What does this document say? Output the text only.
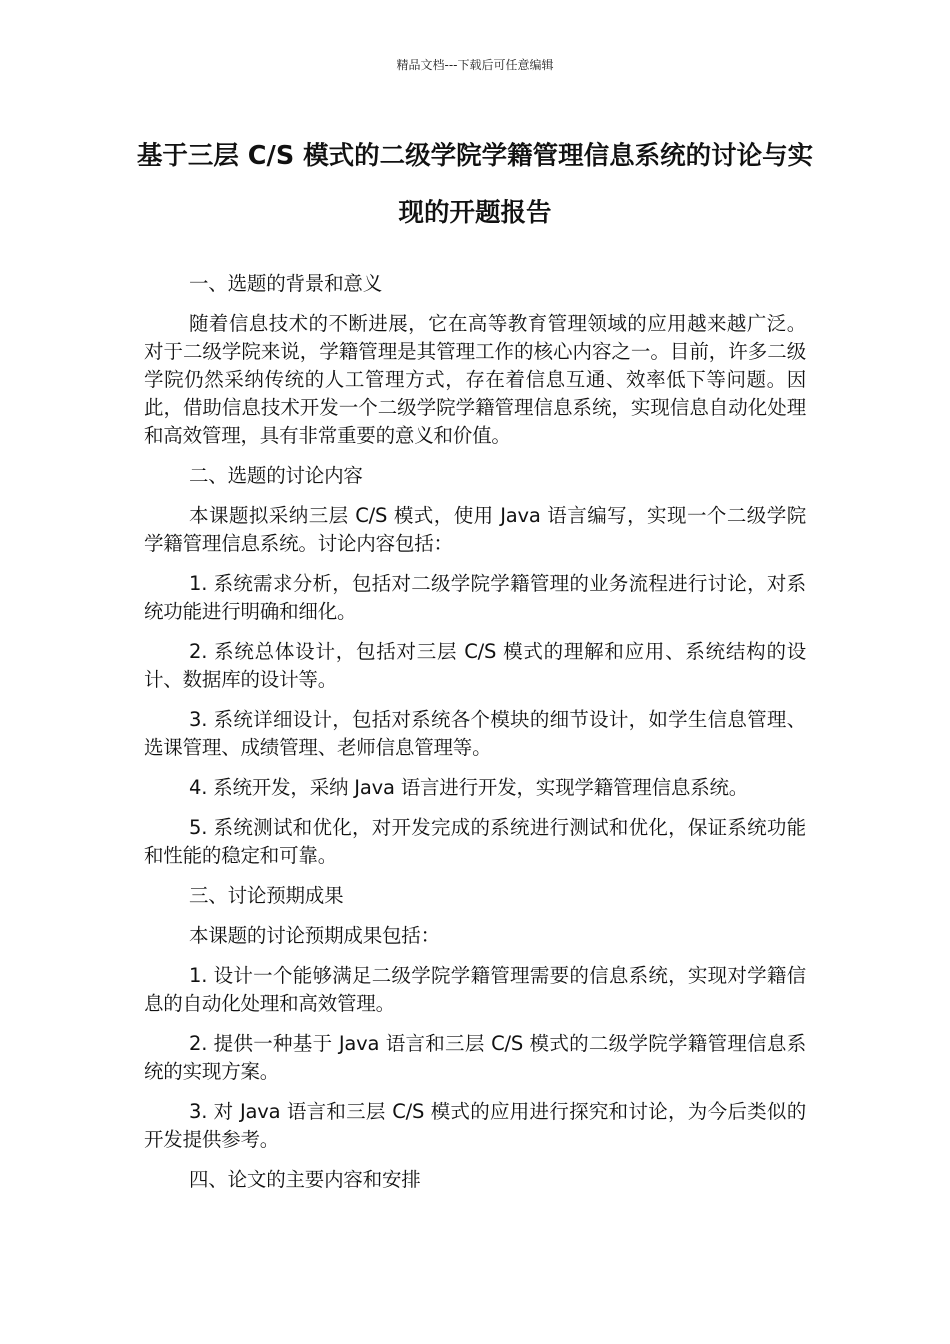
精品文档---下载后可任意编辑
基于三层 C/S 模式的二级学院学籍管理信息系统的讨论与实现的开题报告

一、选题的背景和意义

随着信息技术的不断进展，它在高等教育管理领域的应用越来越广泛。对于二级学院来说，学籍管理是其管理工作的核心内容之一。目前，许多二级学院仍然采纳传统的人工管理方式，存在着信息互通、效率低下等问题。因此，借助信息技术开发一个二级学院学籍管理信息系统，实现信息自动化处理和高效管理，具有非常重要的意义和价值。

二、选题的讨论内容

本课题拟采纳三层 C/S 模式，使用 Java 语言编写，实现一个二级学院学籍管理信息系统。讨论内容包括：

1. 系统需求分析，包括对二级学院学籍管理的业务流程进行讨论，对系统功能进行明确和细化。

2. 系统总体设计，包括对三层 C/S 模式的理解和应用、系统结构的设计、数据库的设计等。

3. 系统详细设计，包括对系统各个模块的细节设计，如学生信息管理、选课管理、成绩管理、老师信息管理等。

4. 系统开发，采纳 Java 语言进行开发，实现学籍管理信息系统。

5. 系统测试和优化，对开发完成的系统进行测试和优化，保证系统功能和性能的稳定和可靠。

三、讨论预期成果

本课题的讨论预期成果包括：

1. 设计一个能够满足二级学院学籍管理需要的信息系统，实现对学籍信息的自动化处理和高效管理。

2. 提供一种基于 Java 语言和三层 C/S 模式的二级学院学籍管理信息系统的实现方案。

3. 对 Java 语言和三层 C/S 模式的应用进行探究和讨论，为今后类似的开发提供参考。

四、论文的主要内容和安排
